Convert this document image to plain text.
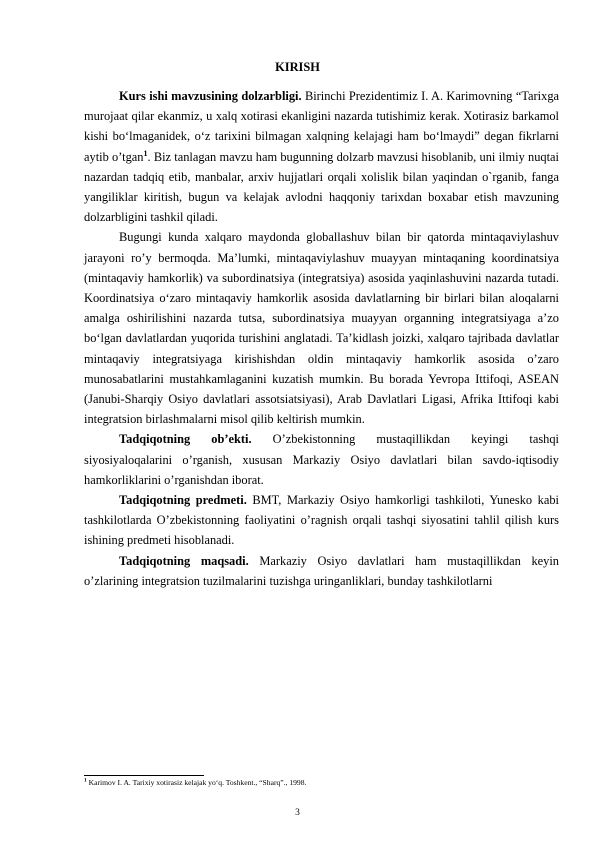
KIRISH

Kurs ishi mavzusining dolzarbligi. Birinchi Prezidentimiz I. A. Karimovning “Tarixga murojaat qilar ekanmiz, u xalq xotirasi ekanligini nazarda tutishimiz kerak. Xotirasiz barkamol kishi bo‘lmaganidek, o‘z tarixini bilmagan xalqning kelajagi ham bo‘lmaydi” degan fikrlarni aytib o’tgan$^1$. Biz tanlagan mavzu ham bugunning dolzarb mavzusi hisoblanib, uni ilmiy nuqtai nazardan tadqiq etib, manbalar, arxiv hujjatlari orqali xolislik bilan yaqindan o`rganib, fanga yangiliklar kiritish, bugun va kelajak avlodni haqqoniy tarixdan boxabar etish mavzuning dolzarbligini tashkil qiladi.

Bugungi kunda xalqaro maydonda globallashuv bilan bir qatorda mintaqaviylashuv jarayoni ro’y bermoqda. Ma’lumki, mintaqaviylashuv muayyan mintaqaning koordinatsiya (mintaqaviy hamkorlik) va subordinatsiya (integratsiya) asosida yaqinlashuvini nazarda tutadi. Koordinatsiya o‘zaro mintaqaviy hamkorlik asosida davlatlarning bir birlari bilan aloqalarni amalga oshirilishini nazarda tutsa, subordinatsiya muayyan organning integratsiyaga a’zo bo‘lgan davlatlardan yuqorida turishini anglatadi. Ta’kidlash joizki, xalqaro tajribada davlatlar mintaqaviy integratsiyaga kirishishdan oldin mintaqaviy hamkorlik asosida o’zaro munosabatlarini mustahkamlaganini kuzatish mumkin. Bu borada Yevropa Ittifoqi, ASEAN (Janubi-Sharqiy Osiyo davlatlari assotsiatsiyasi), Arab Davlatlari Ligasi, Afrika Ittifoqi kabi integratsion birlashmalarni misol qilib keltirish mumkin.

Tadqiqotning ob’ekti. O’zbekistonning mustaqillikdan keyingi tashqi siyosiyaloqalarini o’rganish, xususan Markaziy Osiyo davlatlari bilan savdo-iqtisodiy hamkorliklarini o’rganishdan iborat.

Tadqiqotning predmeti. BMT, Markaziy Osiyo hamkorligi tashkiloti, Yunesko kabi tashkilotlarda O’zbekistonning faoliyatini o’ragnish orqali tashqi siyosatini tahlil qilish kurs ishining predmeti hisoblanadi.

Tadqiqotning maqsadi. Markaziy Osiyo davlatlari ham mustaqillikdan keyin o’zlarining integratsion tuzilmalarini tuzishga uringanliklari, bunday tashkilotlarni

$^1$ Karimov I. A. Tarixiy xotirasiz kelajak yo‘q. Toshkent., “Sharq”., 1998.
3
